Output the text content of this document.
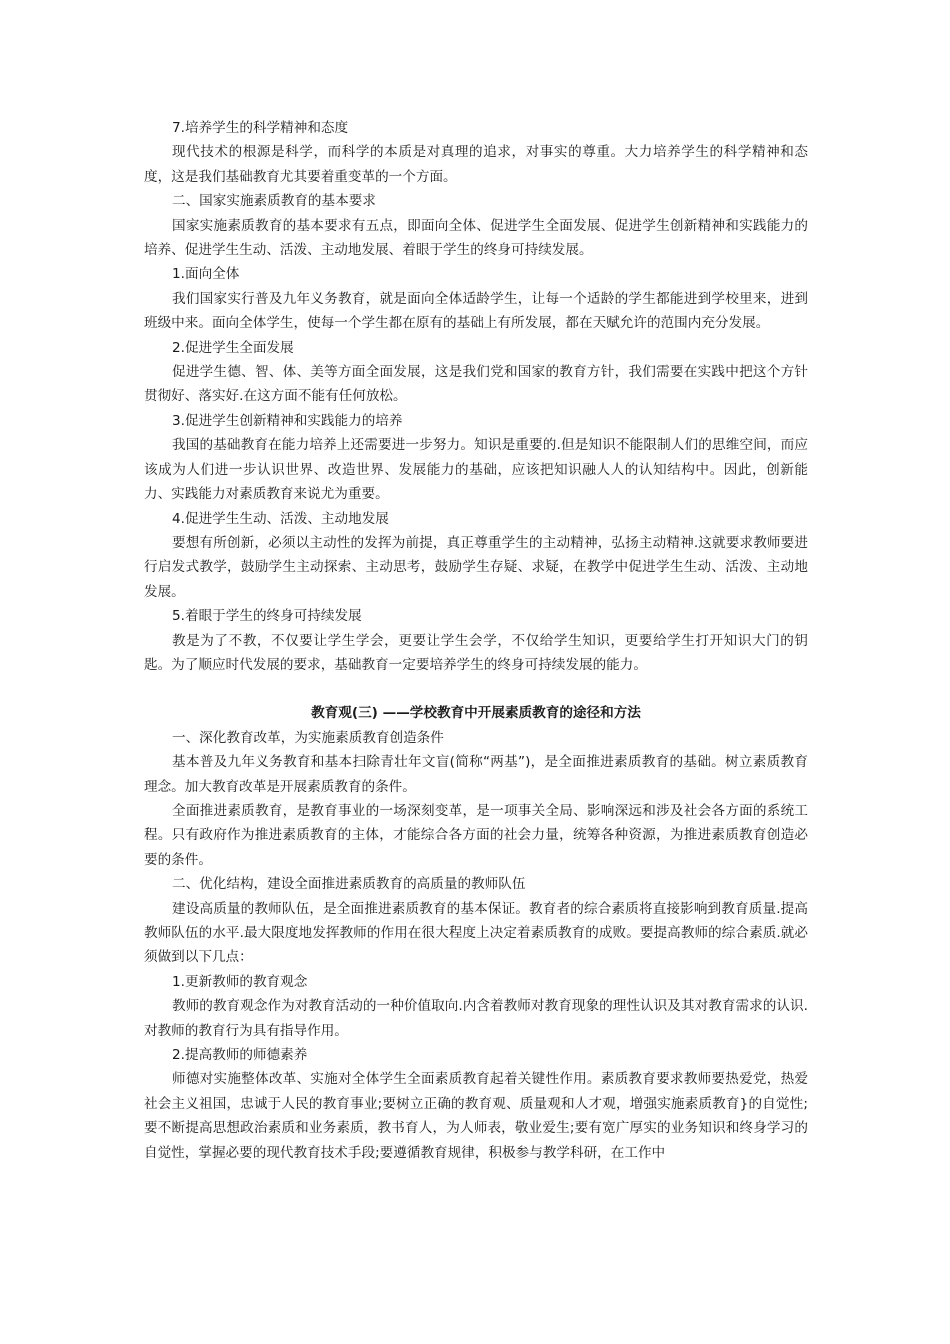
7.培养学生的科学精神和态度

现代技术的根源是科学，而科学的本质是对真理的追求，对事实的尊重。大力培养学生的科学精神和态度，这是我们基础教育尤其要着重变革的一个方面。

二、国家实施素质教育的基本要求

国家实施素质教育的基本要求有五点，即面向全体、促进学生全面发展、促进学生创新精神和实践能力的培养、促进学生生动、活泼、主动地发展、着眼于学生的终身可持续发展。

1.面向全体

我们国家实行普及九年义务教育，就是面向全体适龄学生，让每一个适龄的学生都能进到学校里来，进到班级中来。面向全体学生，使每一个学生都在原有的基础上有所发展，都在天赋允许的范围内充分发展。

2.促进学生全面发展

促进学生德、智、体、美等方面全面发展，这是我们党和国家的教育方针，我们需要在实践中把这个方针贯彻好、落实好.在这方面不能有任何放松。

3.促进学生创新精神和实践能力的培养

我国的基础教育在能力培养上还需要进一步努力。知识是重要的.但是知识不能限制人们的思维空间，而应该成为人们进一步认识世界、改造世界、发展能力的基础，应该把知识融人人的认知结构中。因此，创新能力、实践能力对素质教育来说尤为重要。

4.促进学生生动、活泼、主动地发展

要想有所创新，必须以主动性的发挥为前提，真正尊重学生的主动精神，弘扬主动精神.这就要求教师要进行启发式教学，鼓励学生主动探索、主动思考，鼓励学生存疑、求疑，在教学中促进学生生动、活泼、主动地发展。

5.着眼于学生的终身可持续发展

教是为了不教，不仅要让学生学会，更要让学生会学，不仅给学生知识，更要给学生打开知识大门的钥匙。为了顺应时代发展的要求，基础教育一定要培养学生的终身可持续发展的能力。

教育观(三) ——学校教育中开展素质教育的途径和方法

一、深化教育改革，为实施素质教育创造条件

基本普及九年义务教育和基本扫除青壮年文盲(简称“两基”)，是全面推进素质教育的基础。树立素质教育理念。加大教育改革是开展素质教育的条件。

全面推进素质教育，是教育事业的一场深刻变革，是一项事关全局、影响深远和涉及社会各方面的系统工程。只有政府作为推进素质教育的主体，才能综合各方面的社会力量，统筹各种资源，为推进素质教育创造必要的条件。

二、优化结构，建设全面推进素质教育的高质量的教师队伍

建设高质量的教师队伍，是全面推进素质教育的基本保证。教育者的综合素质将直接影响到教育质量.提高教师队伍的水平.最大限度地发挥教师的作用在很大程度上决定着素质教育的成败。要提高教师的综合素质.就必须做到以下几点：

1.更新教师的教育观念

教师的教育观念作为对教育活动的一种价值取向.内含着教师对教育现象的理性认识及其对教育需求的认识.对教师的教育行为具有指导作用。

2.提高教师的师德素养

师德对实施整体改革、实施对全体学生全面素质教育起着关键性作用。素质教育要求教师要热爱党，热爱社会主义祖国，忠诚于人民的教育事业;要树立正确的教育观、质量观和人才观，增强实施素质教育}的自觉性;要不断提高思想政治素质和业务素质，教书育人，为人师表，敬业爱生;要有宽广厚实的业务知识和终身学习的自觉性，掌握必要的现代教育技术手段;要遵循教育规律，积极参与教学科研，在工作中
